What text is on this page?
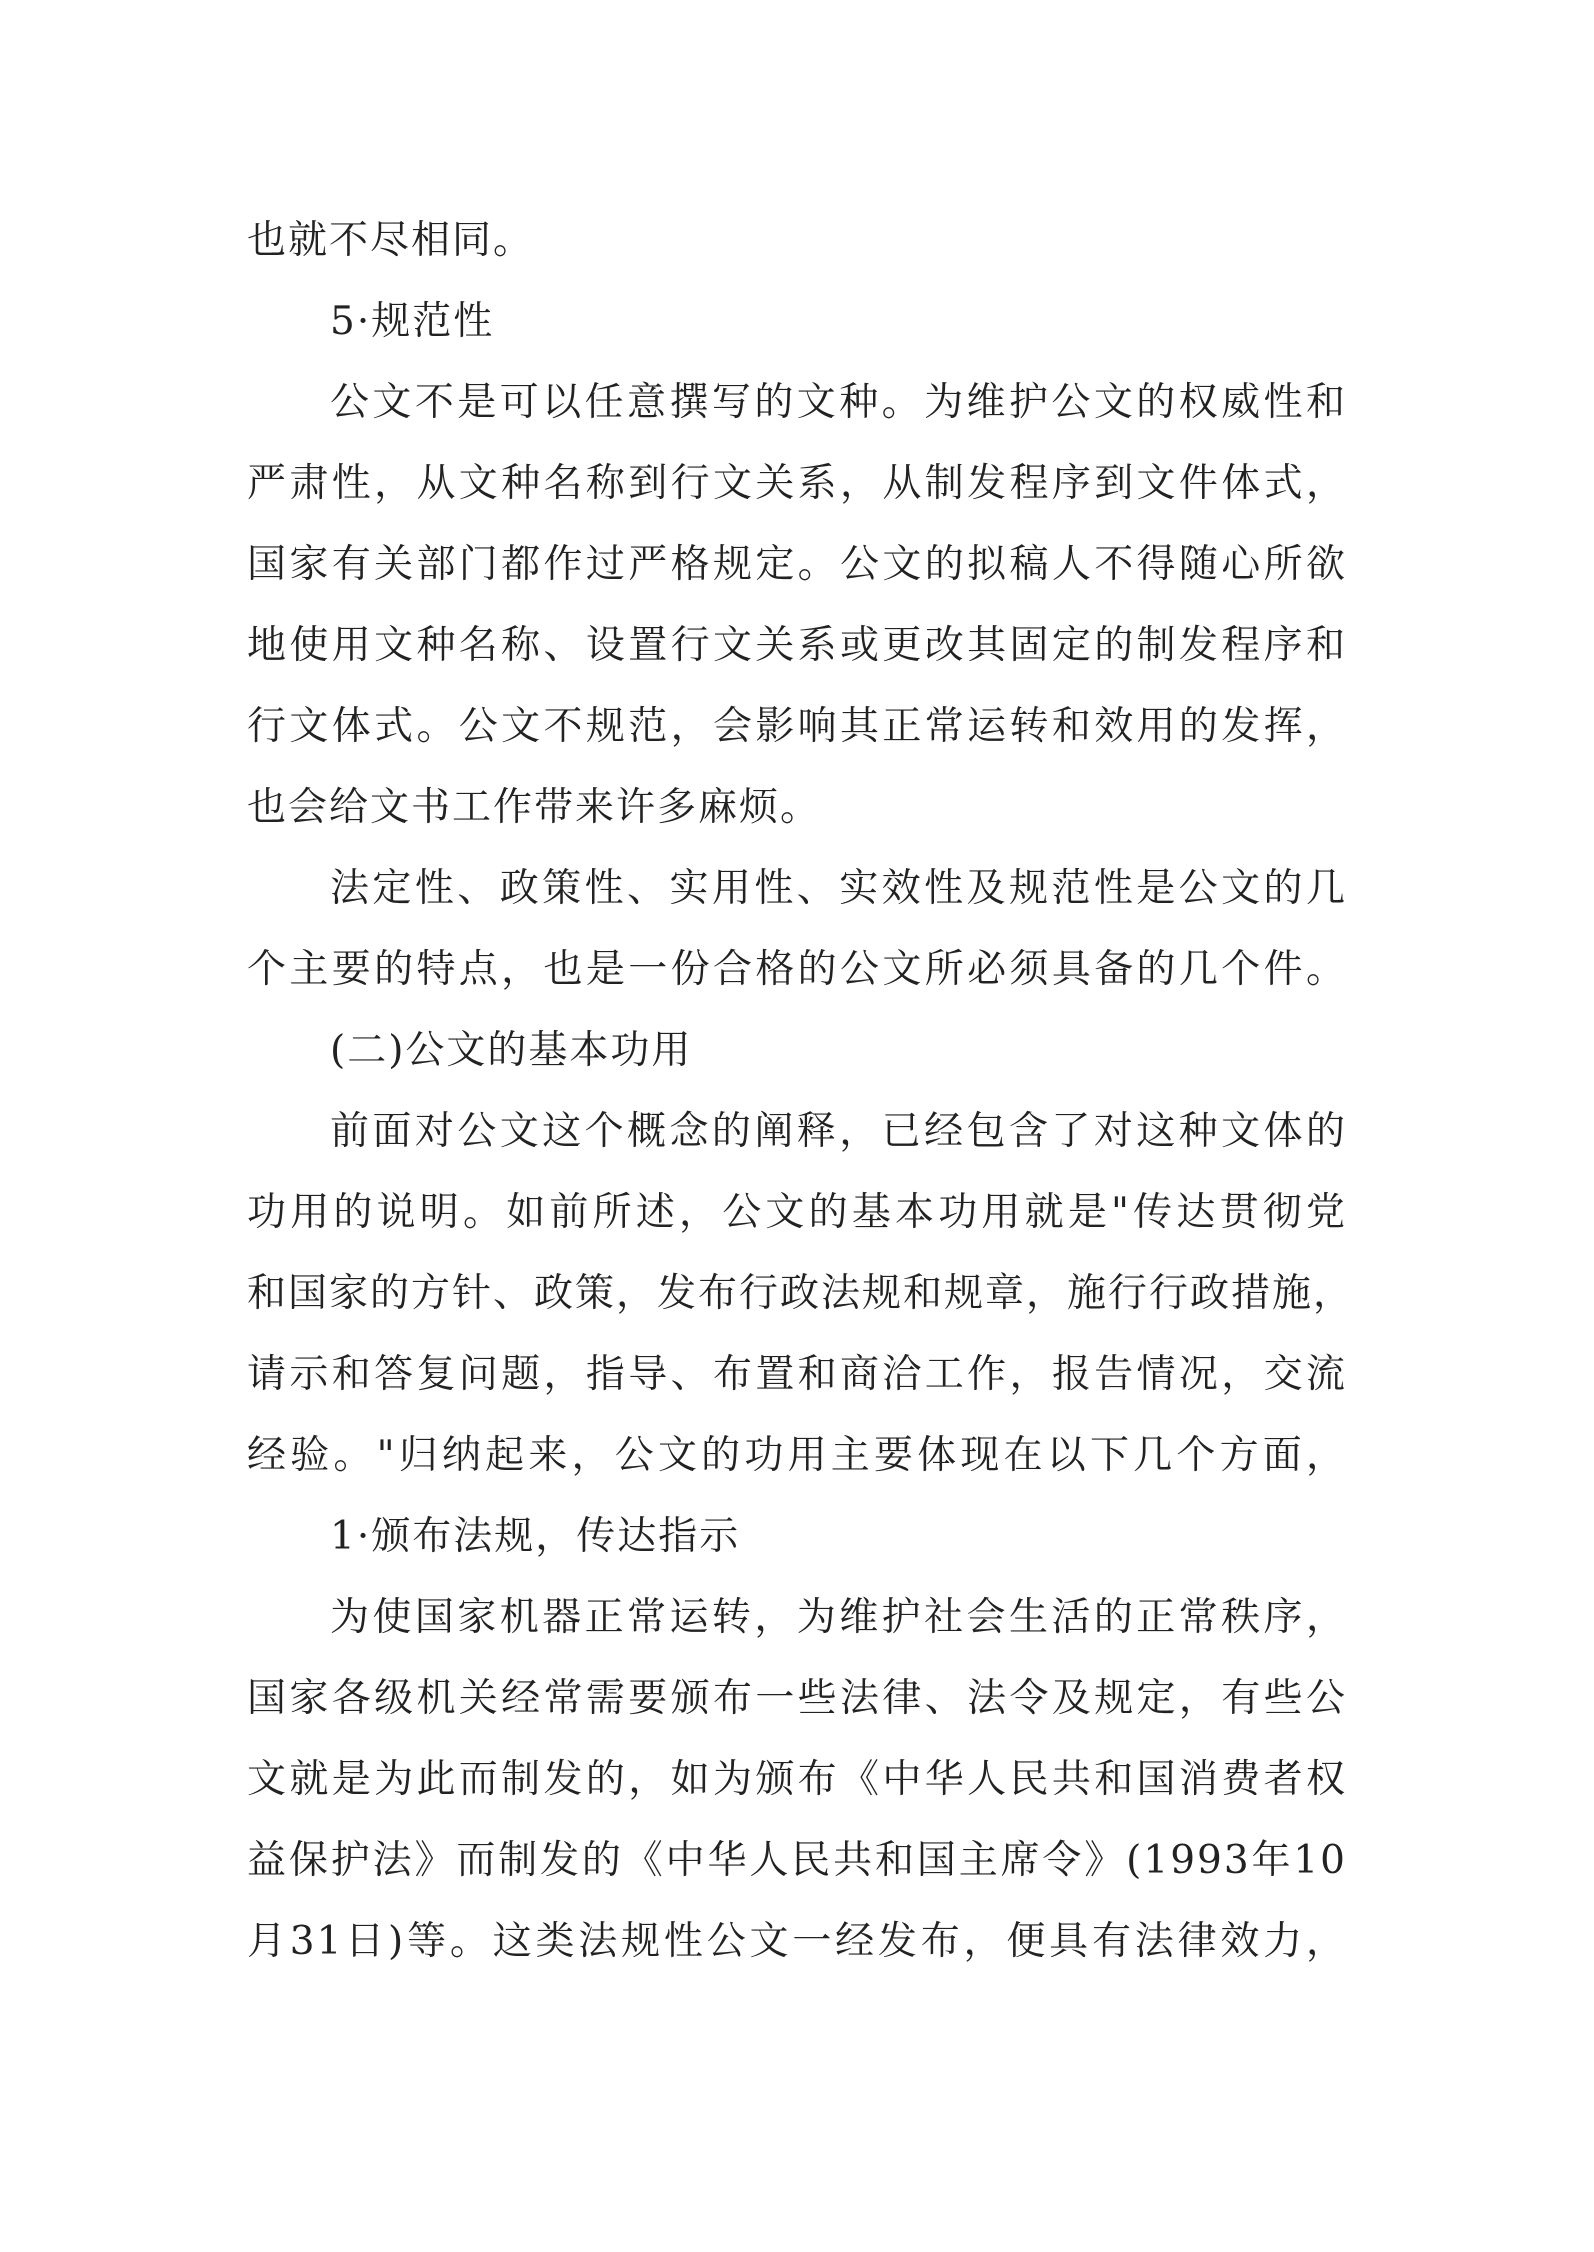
也就不尽相同。
5·规范性
公文不是可以任意撰写的文种。为维护公文的权威性和
严肃性，从文种名称到行文关系，从制发程序到文件体式，
国家有关部门都作过严格规定。公文的拟稿人不得随心所欲
地使用文种名称、设置行文关系或更改其固定的制发程序和
行文体式。公文不规范，会影响其正常运转和效用的发挥，
也会给文书工作带来许多麻烦。
法定性、政策性、实用性、实效性及规范性是公文的几
个主要的特点，也是一份合格的公文所必须具备的几个件。
(二)公文的基本功用
前面对公文这个概念的阐释，已经包含了对这种文体的
功用的说明。如前所述，公文的基本功用就是"传达贯彻党
和国家的方针、政策，发布行政法规和规章，施行行政措施，
请示和答复问题，指导、布置和商洽工作，报告情况，交流
经验。"归纳起来，公文的功用主要体现在以下几个方面，
1·颁布法规，传达指示
为使国家机器正常运转，为维护社会生活的正常秩序，
国家各级机关经常需要颁布一些法律、法令及规定，有些公
文就是为此而制发的，如为颁布《中华人民共和国消费者权
益保护法》而制发的《中华人民共和国主席令》(1993年10
月31日)等。这类法规性公文一经发布，便具有法律效力，
